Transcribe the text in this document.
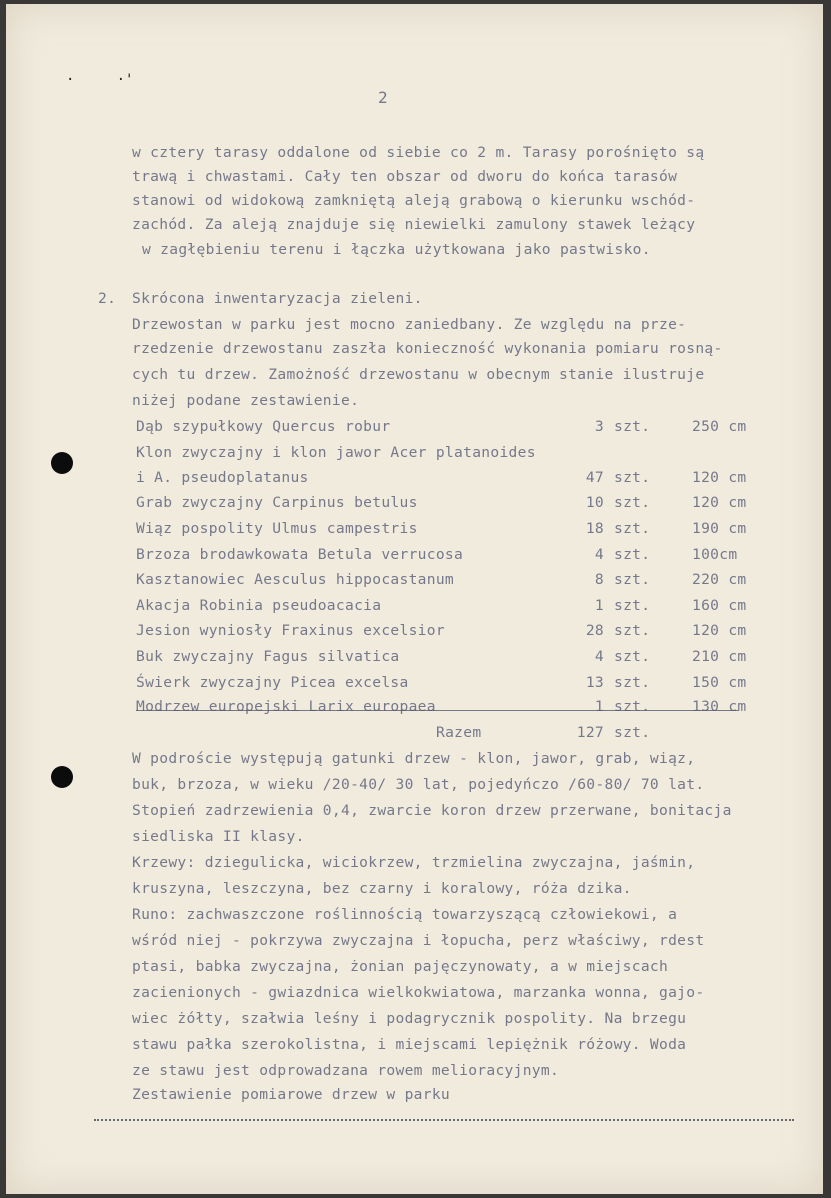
·     ·'
2
w cztery tarasy oddalone od siebie co 2 m. Tarasy porośnięto są
trawą i chwastami. Cały ten obszar od dworu do końca tarasów
stanowi od widokową zamkniętą aleją grabową o kierunku wschód-
zachód. Za aleją znajduje się niewielki zamulony stawek leżący
w zagłębieniu terenu i łączka użytkowana jako pastwisko.
2. Skrócona inwentaryzacja zieleni.
Drzewostan w parku jest mocno zaniedbany. Ze względu na prze-
rzedzenie drzewostanu zaszła konieczność wykonania pomiaru rosną-
cych tu drzew. Zamożność drzewostanu w obecnym stanie ilustruje
niżej podane zestawienie.
Dąb szypułkowy Quercus robur	3 szt.	250 cm
Klon zwyczajny i klon jawor Acer platanoides
i A. pseudoplatanus	47 szt.	120 cm
Grab zwyczajny Carpinus betulus	10 szt.	120 cm
Wiąz pospolity Ulmus campestris	18 szt.	190 cm
Brzoza brodawkowata Betula verrucosa	4 szt.	100cm
Kasztanowiec Aesculus hippocastanum	8 szt.	220 cm
Akacja Robinia pseudoacacia	1 szt.	160 cm
Jesion wyniosły Fraxinus excelsior	28 szt.	120 cm
Buk zwyczajny Fagus silvatica	4 szt.	210 cm
Świerk zwyczajny Picea excelsa	13 szt.	150 cm
Modrzew europejski Larix europaea	1 szt.	130 cm
Razem	127 szt.
W podroście występują gatunki drzew - klon, jawor, grab, wiąz,
buk, brzoza, w wieku /20-40/ 30 lat, pojedyńczo /60-80/ 70 lat.
Stopień zadrzewienia 0,4, zwarcie koron drzew przerwane, bonitacja
siedliska II klasy.
Krzewy: dziegulicka, wiciokrzew, trzmielina zwyczajna, jaśmin,
kruszyna, leszczyna, bez czarny i koralowy, róża dzika.
Runo: zachwaszczone roślinnością towarzyszącą człowiekowi, a
wśród niej - pokrzywa zwyczajna i łopucha, perz właściwy, rdest
ptasi, babka zwyczajna, żonian pajęczynowaty, a w miejscach
zacienionych - gwiazdnica wielkokwiatowa, marzanka wonna, gajo-
wiec żółty, szałwia leśny i podagrycznik pospolity. Na brzegu
stawu pałka szerokolistna, i miejscami lepiężnik różowy. Woda
ze stawu jest odprowadzana rowem melioracyjnym.
Zestawienie pomiarowe drzew w parku
